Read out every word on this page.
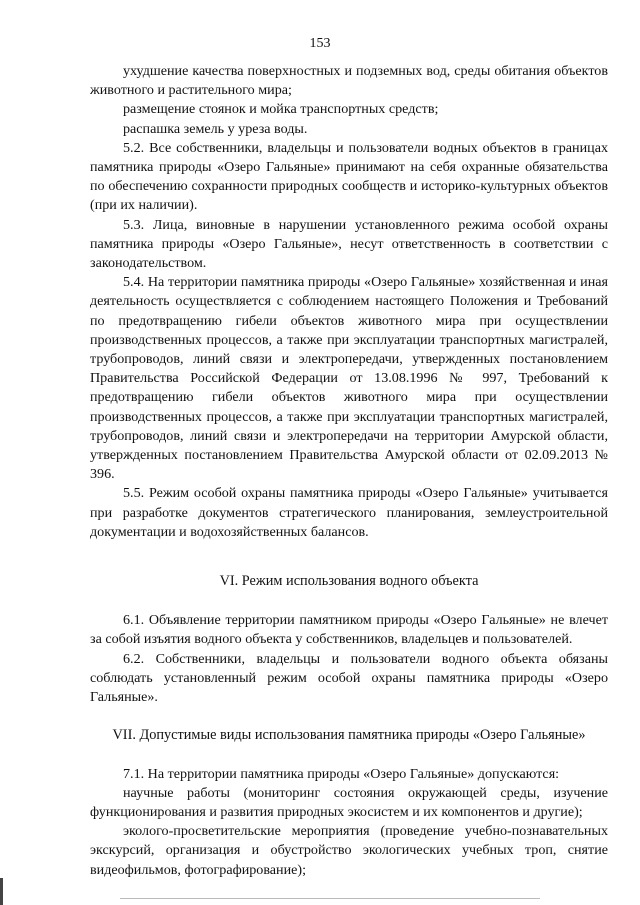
153

ухудшение качества поверхностных и подземных вод, среды обитания объектов животного и растительного мира;

размещение стоянок и мойка транспортных средств;

распашка земель у уреза воды.

5.2. Все собственники, владельцы и пользователи водных объектов в границах памятника природы «Озеро Гальяные» принимают на себя охранные обязательства по обеспечению сохранности природных сообществ и историко-культурных объектов (при их наличии).

5.3. Лица, виновные в нарушении установленного режима особой охраны памятника природы «Озеро Гальяные», несут ответственность в соответствии с законодательством.

5.4. На территории памятника природы «Озеро Гальяные» хозяйственная и иная деятельность осуществляется с соблюдением настоящего Положения и Требований по предотвращению гибели объектов животного мира при осуществлении производственных процессов, а также при эксплуатации транспортных магистралей, трубопроводов, линий связи и электропередачи, утвержденных постановлением Правительства Российской Федерации от 13.08.1996 № 997, Требований к предотвращению гибели объектов животного мира при осуществлении производственных процессов, а также при эксплуатации транспортных магистралей, трубопроводов, линий связи и электропередачи на территории Амурской области, утвержденных постановлением Правительства Амурской области от 02.09.2013 № 396.

5.5. Режим особой охраны памятника природы «Озеро Гальяные» учитывается при разработке документов стратегического планирования, землеустроительной документации и водохозяйственных балансов.

VI. Режим использования водного объекта

6.1. Объявление территории памятником природы «Озеро Гальяные» не влечет за собой изъятия водного объекта у собственников, владельцев и пользователей.

6.2. Собственники, владельцы и пользователи водного объекта обязаны соблюдать установленный режим особой охраны памятника природы «Озеро Гальяные».

VII. Допустимые виды использования памятника природы «Озеро Гальяные»

7.1. На территории памятника природы «Озеро Гальяные» допускаются:

научные работы (мониторинг состояния окружающей среды, изучение функционирования и развития природных экосистем и их компонентов и другие);

эколого-просветительские мероприятия (проведение учебно-познавательных экскурсий, организация и обустройство экологических учебных троп, снятие видеофильмов, фотографирование);
